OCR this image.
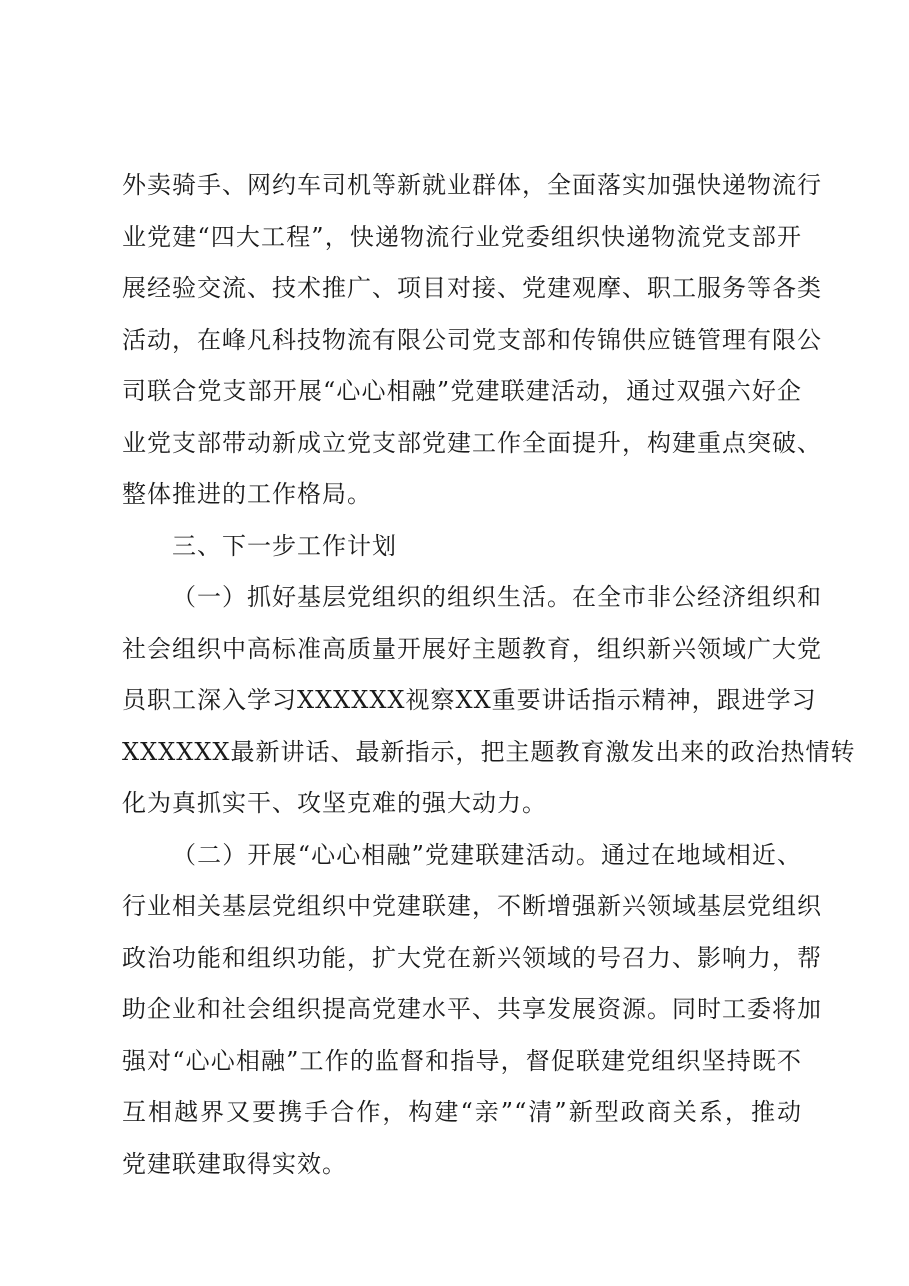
外卖骑手、网约车司机等新就业群体，全面落实加强快递物流行
业党建“四大工程”，快递物流行业党委组织快递物流党支部开
展经验交流、技术推广、项目对接、党建观摩、职工服务等各类
活动，在峰凡科技物流有限公司党支部和传锦供应链管理有限公
司联合党支部开展“心心相融”党建联建活动，通过双强六好企
业党支部带动新成立党支部党建工作全面提升，构建重点突破、
整体推进的工作格局。
三、下一步工作计划
（一）抓好基层党组织的组织生活。在全市非公经济组织和
社会组织中高标准高质量开展好主题教育，组织新兴领域广大党
员职工深入学习XXXXXX视察XX重要讲话指示精神，跟进学习
XXXXXX最新讲话、最新指示，把主题教育激发出来的政治热情转
化为真抓实干、攻坚克难的强大动力。
（二）开展“心心相融”党建联建活动。通过在地域相近、
行业相关基层党组织中党建联建，不断增强新兴领域基层党组织
政治功能和组织功能，扩大党在新兴领域的号召力、影响力，帮
助企业和社会组织提高党建水平、共享发展资源。同时工委将加
强对“心心相融”工作的监督和指导，督促联建党组织坚持既不
互相越界又要携手合作，构建“亲”“清”新型政商关系，推动
党建联建取得实效。
